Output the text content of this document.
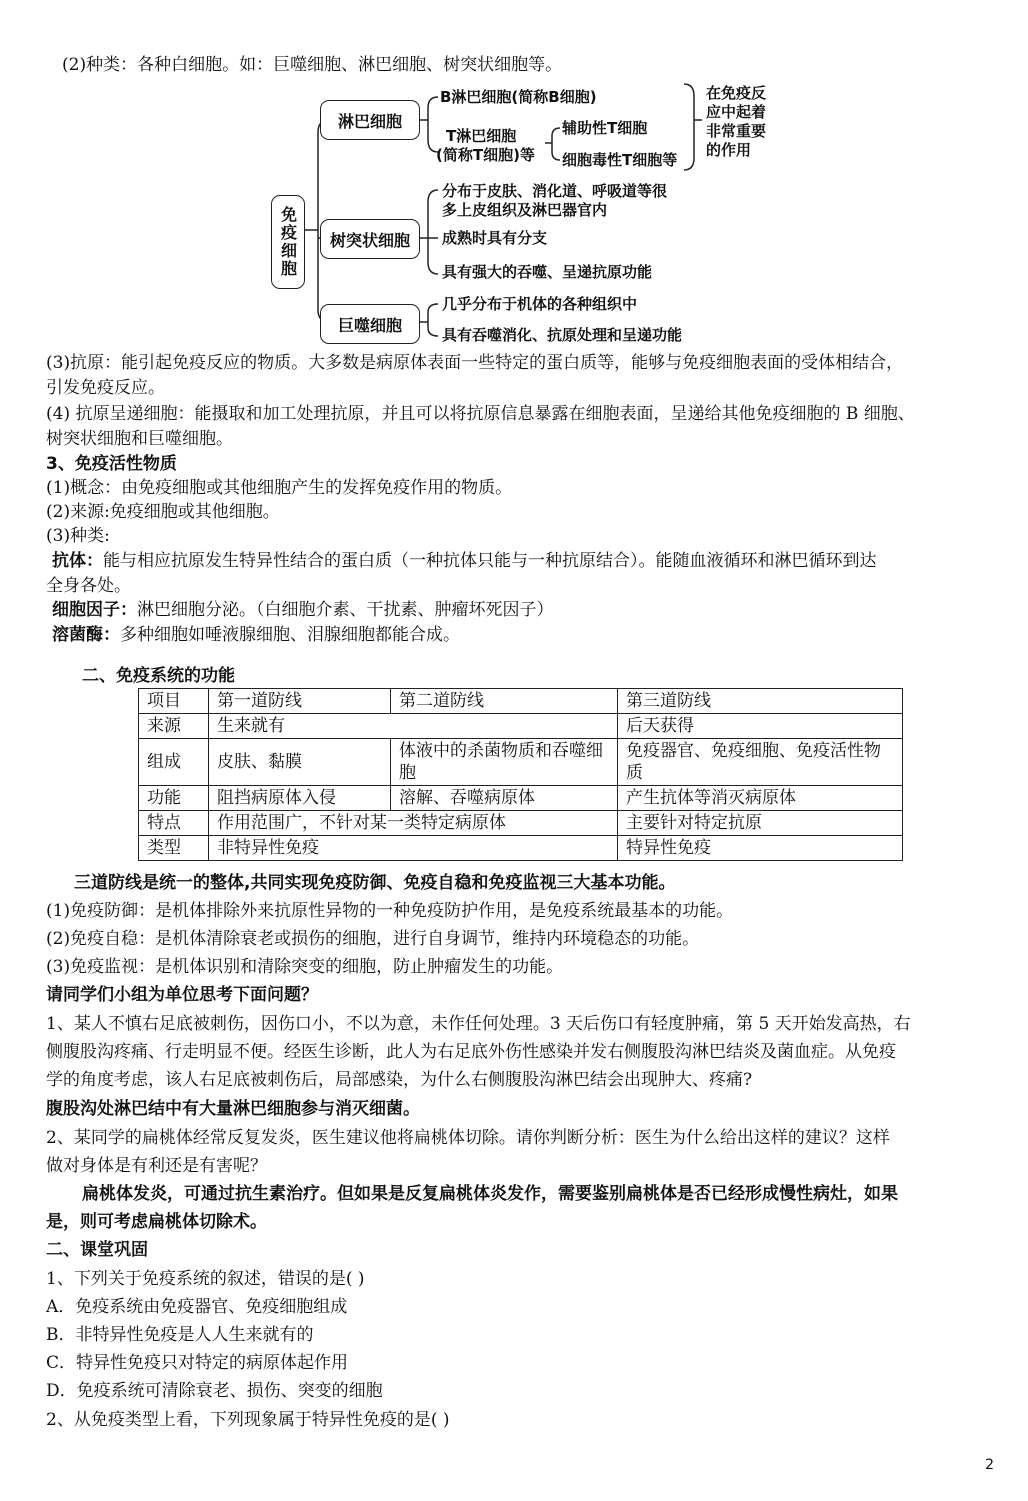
(2)种类：各种白细胞。如：巨噬细胞、淋巴细胞、树突状细胞等。
免疫细胞
淋巴细胞
树突状细胞
巨噬细胞
B淋巴细胞(简称B细胞)
T淋巴细胞
(简称T细胞)等
辅助性T细胞
细胞毒性T细胞等
在免疫反
应中起着
非常重要
的作用
分布于皮肤、消化道、呼吸道等很
多上皮组织及淋巴器官内
成熟时具有分支
具有强大的吞噬、呈递抗原功能
几乎分布于机体的各种组织中
具有吞噬消化、抗原处理和呈递功能
(3)抗原：能引起免疫反应的物质。大多数是病原体表面一些特定的蛋白质等，能够与免疫细胞表面的受体相结合，
引发免疫反应。
(4) 抗原呈递细胞：能摄取和加工处理抗原，并且可以将抗原信息暴露在细胞表面，呈递给其他免疫细胞的 B 细胞、
树突状细胞和巨噬细胞。
3、免疫活性物质
(1)概念：由免疫细胞或其他细胞产生的发挥免疫作用的物质。
(2)来源:免疫细胞或其他细胞。
(3)种类:
抗体：能与相应抗原发生特异性结合的蛋白质（一种抗体只能与一种抗原结合）。能随血液循环和淋巴循环到达
全身各处。
细胞因子：淋巴细胞分泌。（白细胞介素、干扰素、肿瘤坏死因子）
溶菌酶：多种细胞如唾液腺细胞、泪腺细胞都能合成。
二、免疫系统的功能
项目	第一道防线	第二道防线	第三道防线
来源	生来就有		后天获得
组成	皮肤、黏膜	体液中的杀菌物质和吞噬细胞	免疫器官、免疫细胞、免疫活性物质
功能	阻挡病原体入侵	溶解、吞噬病原体	产生抗体等消灭病原体
特点	作用范围广，不针对某一类特定病原体		主要针对特定抗原
类型	非特异性免疫		特异性免疫
三道防线是统一的整体,共同实现免疫防御、免疫自稳和免疫监视三大基本功能。
(1)免疫防御：是机体排除外来抗原性异物的一种免疫防护作用，是免疫系统最基本的功能。
(2)免疫自稳：是机体清除衰老或损伤的细胞，进行自身调节，维持内环境稳态的功能。
(3)免疫监视：是机体识别和清除突变的细胞，防止肿瘤发生的功能。
请同学们小组为单位思考下面问题？
1、某人不慎右足底被刺伤，因伤口小，不以为意，未作任何处理。3 天后伤口有轻度肿痛，第 5 天开始发高热，右
侧腹股沟疼痛、行走明显不便。经医生诊断，此人为右足底外伤性感染并发右侧腹股沟淋巴结炎及菌血症。从免疫
学的角度考虑，该人右足底被刺伤后，局部感染，为什么右侧腹股沟淋巴结会出现肿大、疼痛?
腹股沟处淋巴结中有大量淋巴细胞参与消灭细菌。
2、某同学的扁桃体经常反复发炎，医生建议他将扁桃体切除。请你判断分析：医生为什么给出这样的建议？这样
做对身体是有利还是有害呢？
扁桃体发炎，可通过抗生素治疗。但如果是反复扁桃体炎发作，需要鉴别扁桃体是否已经形成慢性病灶，如果
是，则可考虑扁桃体切除术。
二、课堂巩固
1、下列关于免疫系统的叙述，错误的是( )
A．免疫系统由免疫器官、免疫细胞组成
B．非特异性免疫是人人生来就有的
C．特异性免疫只对特定的病原体起作用
D．免疫系统可清除衰老、损伤、突变的细胞
2、从免疫类型上看，下列现象属于特异性免疫的是( )
2
